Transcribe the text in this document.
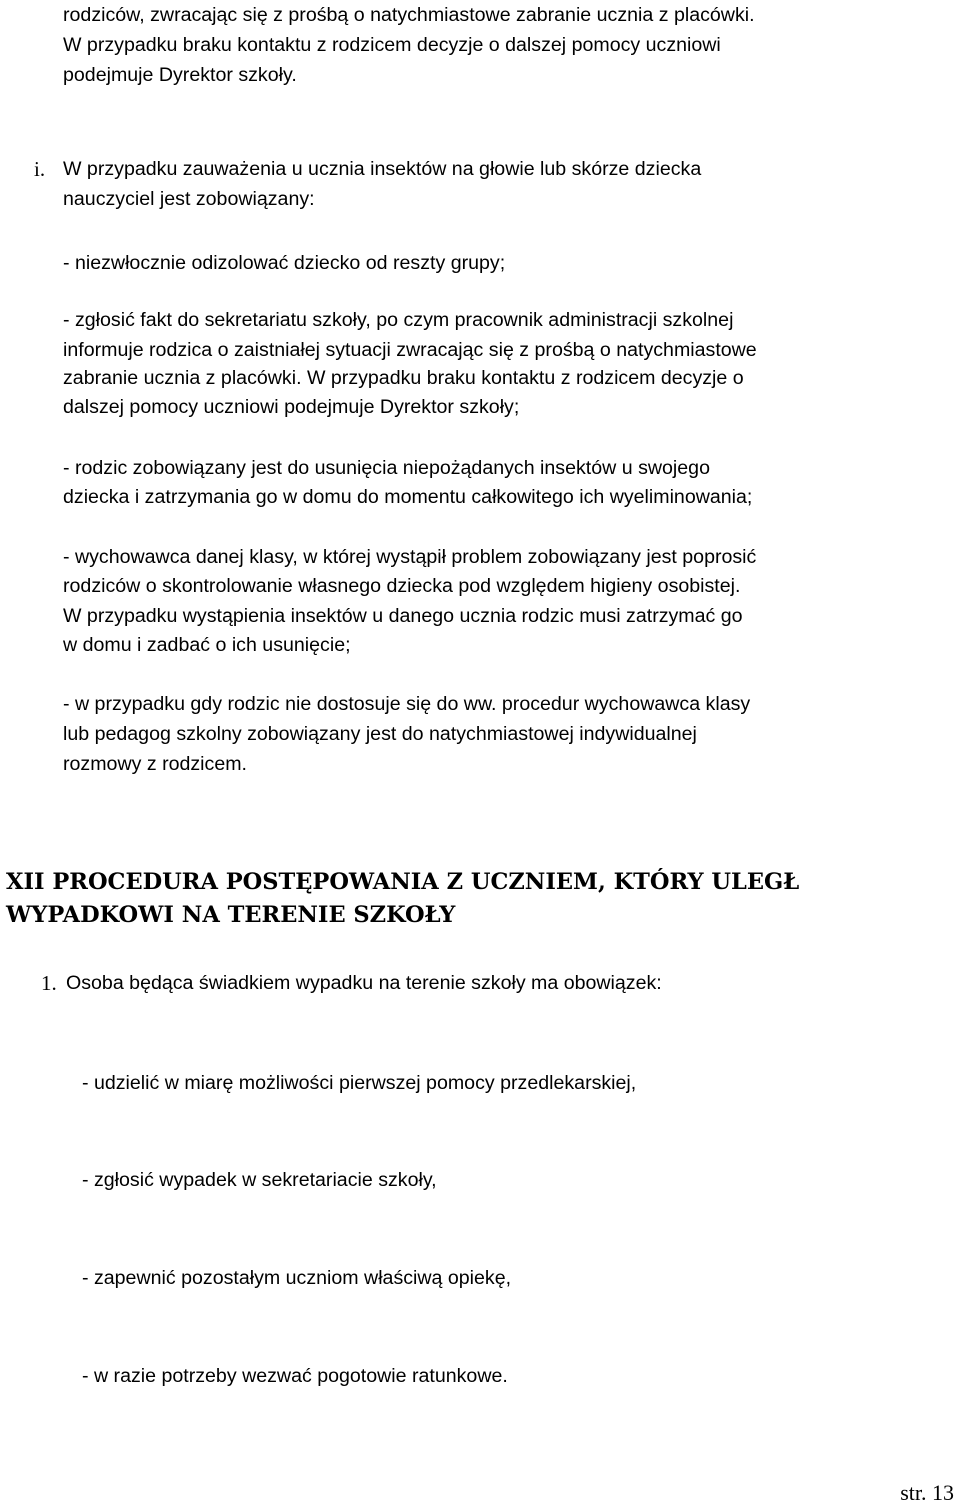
rodziców, zwracając się z prośbą o natychmiastowe zabranie ucznia z placówki.
W przypadku braku kontaktu z rodzicem decyzje o dalszej pomocy uczniowi
podejmuje Dyrektor szkoły.
i. W przypadku zauważenia u ucznia insektów na głowie lub skórze dziecka
nauczyciel jest zobowiązany:
- niezwłocznie odizolować dziecko od reszty grupy;
- zgłosić fakt do sekretariatu szkoły, po czym pracownik administracji szkolnej
informuje rodzica o zaistniałej sytuacji zwracając się z prośbą o natychmiastowe
zabranie ucznia z placówki. W przypadku braku kontaktu z rodzicem decyzje o
dalszej pomocy uczniowi podejmuje Dyrektor szkoły;
- rodzic zobowiązany jest do usunięcia niepożądanych insektów u swojego
dziecka i zatrzymania go w domu do momentu całkowitego ich wyeliminowania;
- wychowawca danej klasy, w której wystąpił problem zobowiązany jest poprosić
rodziców o skontrolowanie własnego dziecka pod względem higieny osobistej.
W przypadku wystąpienia insektów u danego ucznia rodzic musi zatrzymać go
w domu i zadbać o ich usunięcie;
- w przypadku gdy rodzic nie dostosuje się do ww. procedur wychowawca klasy
lub pedagog szkolny zobowiązany jest do natychmiastowej indywidualnej
rozmowy z rodzicem.
XII PROCEDURA POSTĘPOWANIA Z UCZNIEM, KTÓRY ULEGŁ
WYPADKOWI NA TERENIE SZKOŁY
1. Osoba będąca świadkiem wypadku na terenie szkoły ma obowiązek:
- udzielić w miarę możliwości pierwszej pomocy przedlekarskiej,
- zgłosić wypadek w sekretariacie szkoły,
- zapewnić pozostałym uczniom właściwą opiekę,
- w razie potrzeby wezwać pogotowie ratunkowe.
str. 13
